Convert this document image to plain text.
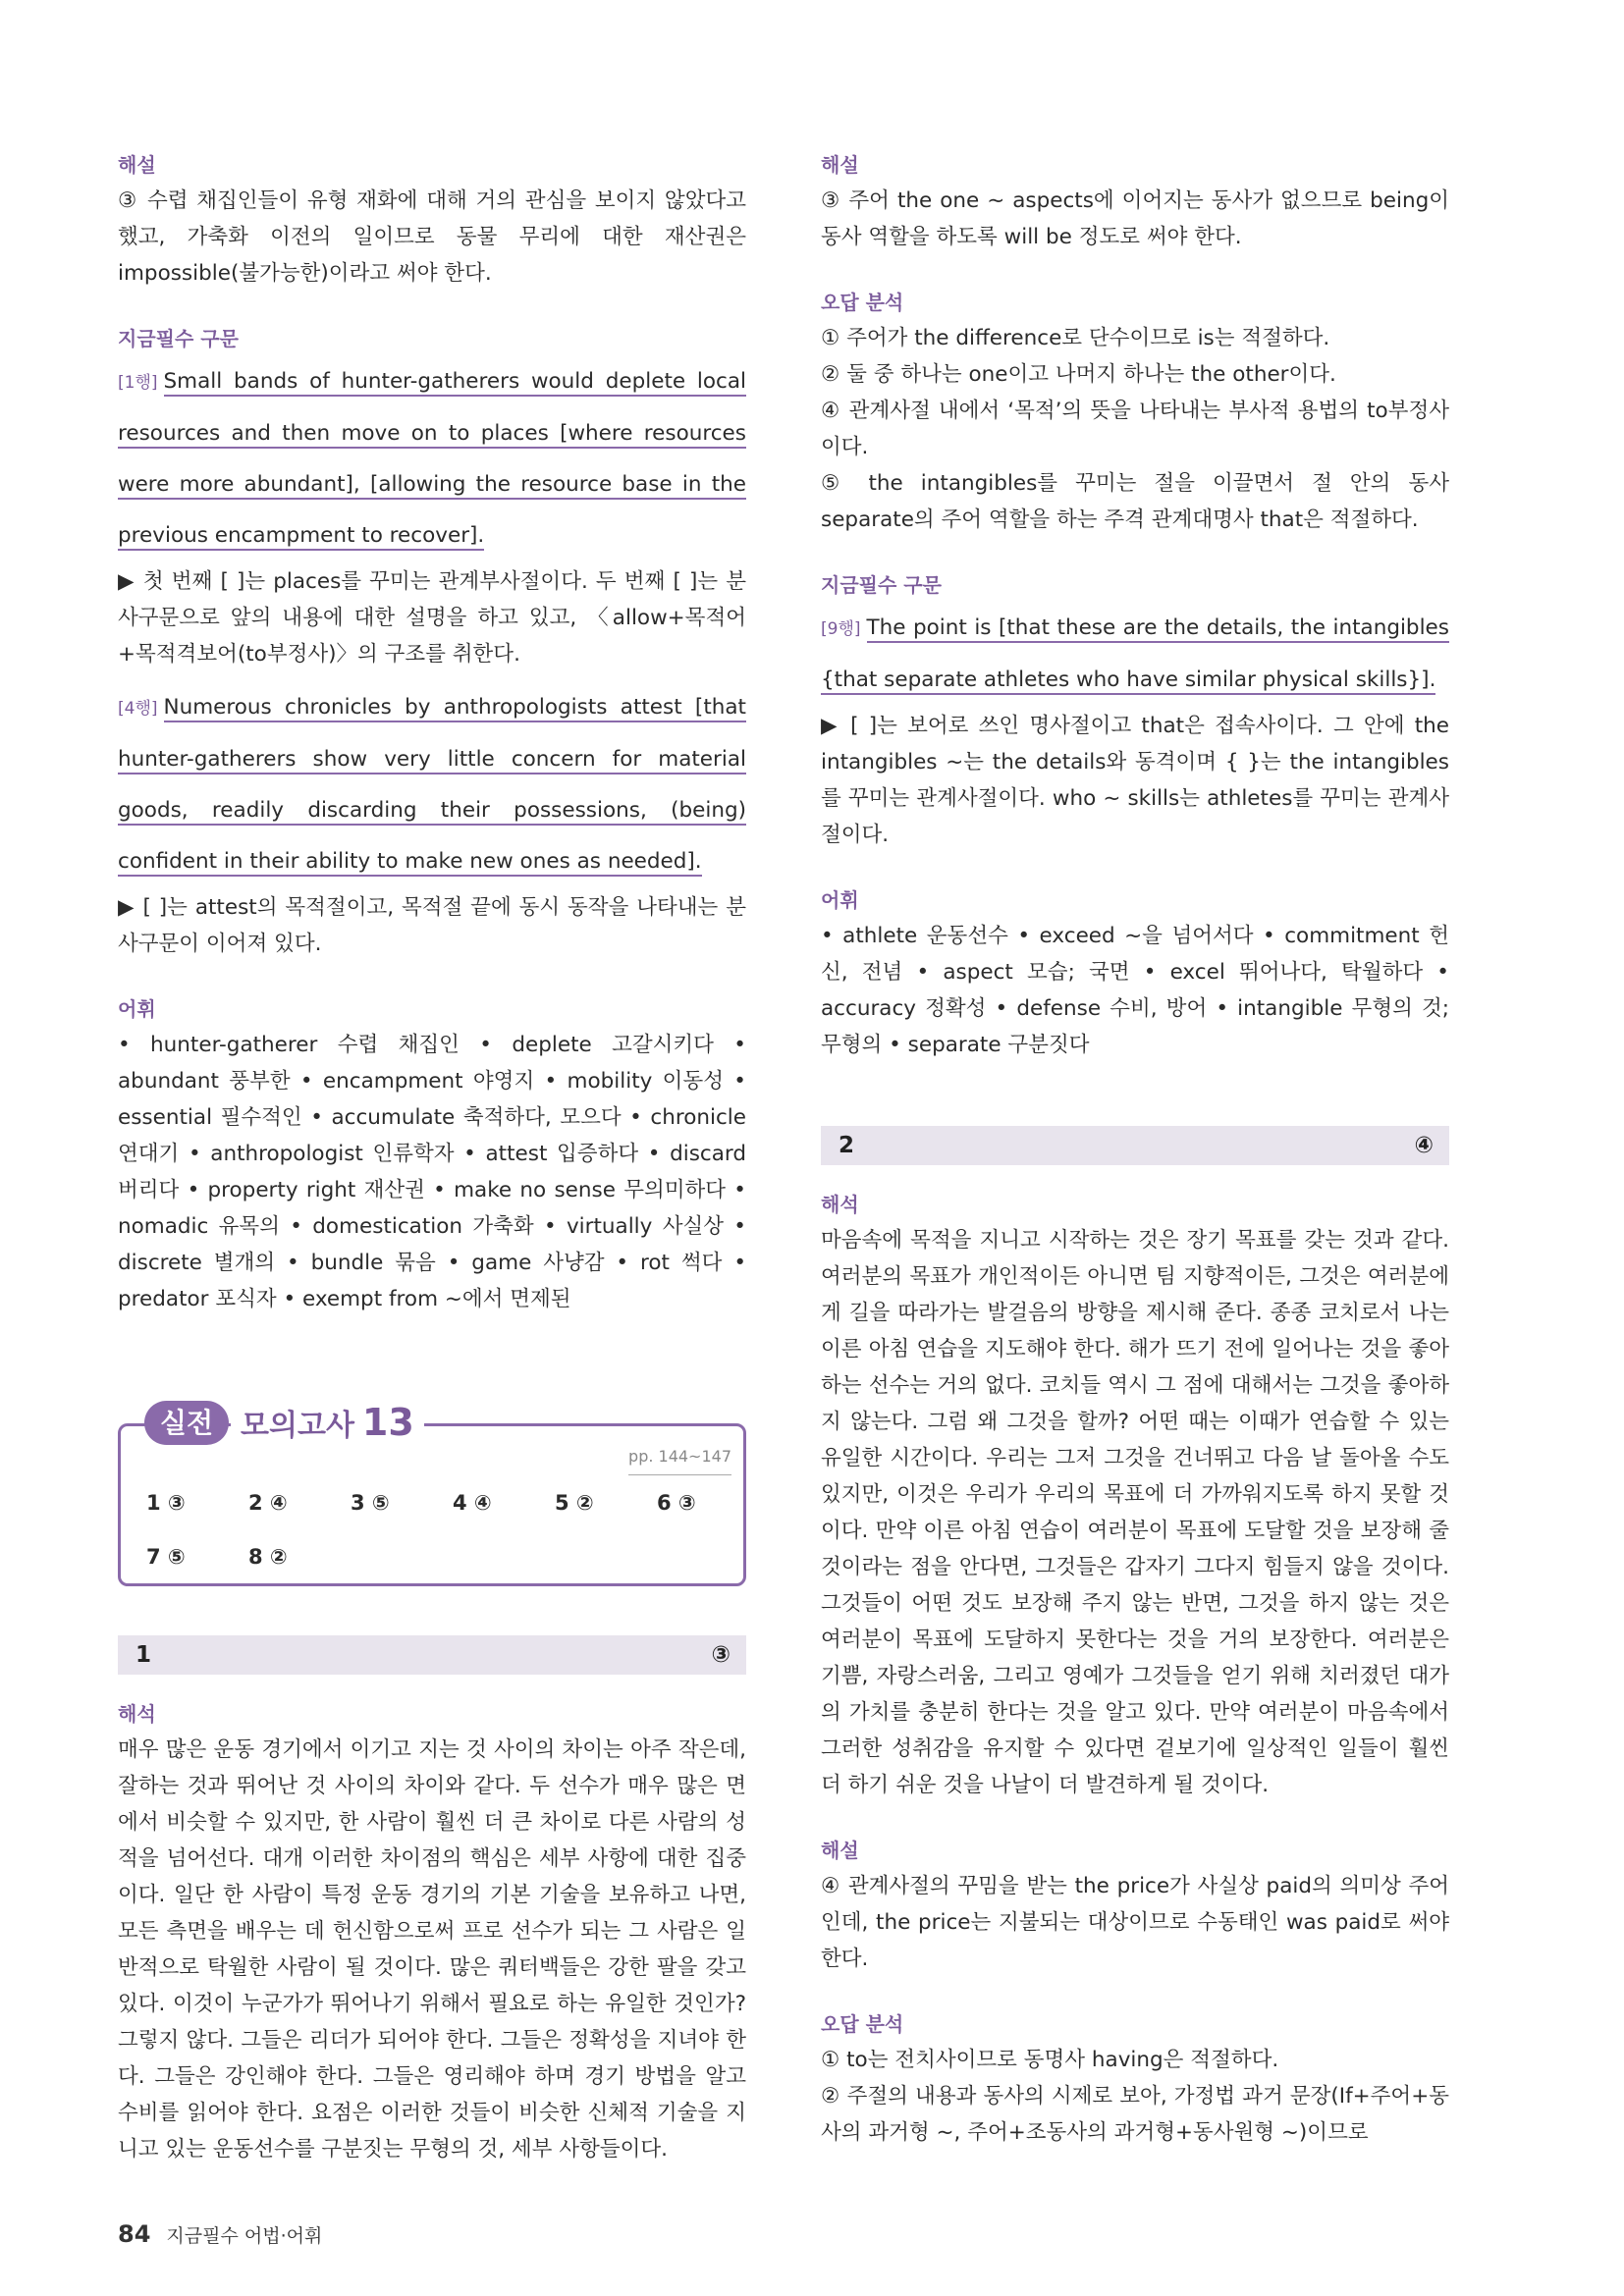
해설

③ 수렵 채집인들이 유형 재화에 대해 거의 관심을 보이지 않았다고 했고, 가축화 이전의 일이므로 동물 무리에 대한 재산권은 impossible(불가능한)이라고 써야 한다.

지금필수 구문

[1행] Small bands of hunter-gatherers would deplete local resources and then move on to places [where resources were more abundant], [allowing the resource base in the previous encampment to recover].

▶ 첫 번째 [ ]는 places를 꾸미는 관계부사절이다. 두 번째 [ ]는 분사구문으로 앞의 내용에 대한 설명을 하고 있고, 〈allow+목적어+목적격보어(to부정사)〉의 구조를 취한다.

[4행] Numerous chronicles by anthropologists attest [that hunter-gatherers show very little concern for material goods, readily discarding their possessions, (being) confident in their ability to make new ones as needed].

▶ [ ]는 attest의 목적절이고, 목적절 끝에 동시 동작을 나타내는 분사구문이 이어져 있다.

어휘

• hunter-gatherer 수렵 채집인 • deplete 고갈시키다 • abundant 풍부한 • encampment 야영지 • mobility 이동성 • essential 필수적인 • accumulate 축적하다, 모으다 • chronicle 연대기 • anthropologist 인류학자 • attest 입증하다 • discard 버리다 • property right 재산권 • make no sense 무의미하다 • nomadic 유목의 • domestication 가축화 • virtually 사실상 • discrete 별개의 • bundle 묶음 • game 사냥감 • rot 썩다 • predator 포식자 • exempt from ~에서 면제된

실전 모의고사 13
pp. 144~147
1 ③	2 ④	3 ⑤	4 ④	5 ②	6 ③
7 ⑤	8 ②
1	③

해석

매우 많은 운동 경기에서 이기고 지는 것 사이의 차이는 아주 작은데, 잘하는 것과 뛰어난 것 사이의 차이와 같다. 두 선수가 매우 많은 면에서 비슷할 수 있지만, 한 사람이 훨씬 더 큰 차이로 다른 사람의 성적을 넘어선다. 대개 이러한 차이점의 핵심은 세부 사항에 대한 집중이다. 일단 한 사람이 특정 운동 경기의 기본 기술을 보유하고 나면, 모든 측면을 배우는 데 헌신함으로써 프로 선수가 되는 그 사람은 일반적으로 탁월한 사람이 될 것이다. 많은 쿼터백들은 강한 팔을 갖고 있다. 이것이 누군가가 뛰어나기 위해서 필요로 하는 유일한 것인가? 그렇지 않다. 그들은 리더가 되어야 한다. 그들은 정확성을 지녀야 한다. 그들은 강인해야 한다. 그들은 영리해야 하며 경기 방법을 알고 수비를 읽어야 한다. 요점은 이러한 것들이 비슷한 신체적 기술을 지니고 있는 운동선수를 구분짓는 무형의 것, 세부 사항들이다.

해설

③ 주어 the one ~ aspects에 이어지는 동사가 없으므로 being이 동사 역할을 하도록 will be 정도로 써야 한다.

오답 분석

① 주어가 the difference로 단수이므로 is는 적절하다.

② 둘 중 하나는 one이고 나머지 하나는 the other이다.

④ 관계사절 내에서 ‘목적’의 뜻을 나타내는 부사적 용법의 to부정사이다.

⑤ the intangibles를 꾸미는 절을 이끌면서 절 안의 동사 separate의 주어 역할을 하는 주격 관계대명사 that은 적절하다.

지금필수 구문

[9행] The point is [that these are the details, the intangibles {that separate athletes who have similar physical skills}].

▶ [ ]는 보어로 쓰인 명사절이고 that은 접속사이다. 그 안에 the intangibles ~는 the details와 동격이며 { }는 the intangibles를 꾸미는 관계사절이다. who ~ skills는 athletes를 꾸미는 관계사절이다.

어휘

• athlete 운동선수 • exceed ~을 넘어서다 • commitment 헌신, 전념 • aspect 모습; 국면 • excel 뛰어나다, 탁월하다 • accuracy 정확성 • defense 수비, 방어 • intangible 무형의 것; 무형의 • separate 구분짓다

2	④

해석

마음속에 목적을 지니고 시작하는 것은 장기 목표를 갖는 것과 같다. 여러분의 목표가 개인적이든 아니면 팀 지향적이든, 그것은 여러분에게 길을 따라가는 발걸음의 방향을 제시해 준다. 종종 코치로서 나는 이른 아침 연습을 지도해야 한다. 해가 뜨기 전에 일어나는 것을 좋아하는 선수는 거의 없다. 코치들 역시 그 점에 대해서는 그것을 좋아하지 않는다. 그럼 왜 그것을 할까? 어떤 때는 이때가 연습할 수 있는 유일한 시간이다. 우리는 그저 그것을 건너뛰고 다음 날 돌아올 수도 있지만, 이것은 우리가 우리의 목표에 더 가까워지도록 하지 못할 것이다. 만약 이른 아침 연습이 여러분이 목표에 도달할 것을 보장해 줄 것이라는 점을 안다면, 그것들은 갑자기 그다지 힘들지 않을 것이다. 그것들이 어떤 것도 보장해 주지 않는 반면, 그것을 하지 않는 것은 여러분이 목표에 도달하지 못한다는 것을 거의 보장한다. 여러분은 기쁨, 자랑스러움, 그리고 영예가 그것들을 얻기 위해 치러졌던 대가의 가치를 충분히 한다는 것을 알고 있다. 만약 여러분이 마음속에서 그러한 성취감을 유지할 수 있다면 겉보기에 일상적인 일들이 훨씬 더 하기 쉬운 것을 나날이 더 발견하게 될 것이다.

해설

④ 관계사절의 꾸밈을 받는 the price가 사실상 paid의 의미상 주어인데, the price는 지불되는 대상이므로 수동태인 was paid로 써야 한다.

오답 분석

① to는 전치사이므로 동명사 having은 적절하다.

② 주절의 내용과 동사의 시제로 보아, 가정법 과거 문장(If+주어+동사의 과거형 ~, 주어+조동사의 과거형+동사원형 ~)이므로

84 지금필수 어법·어휘
